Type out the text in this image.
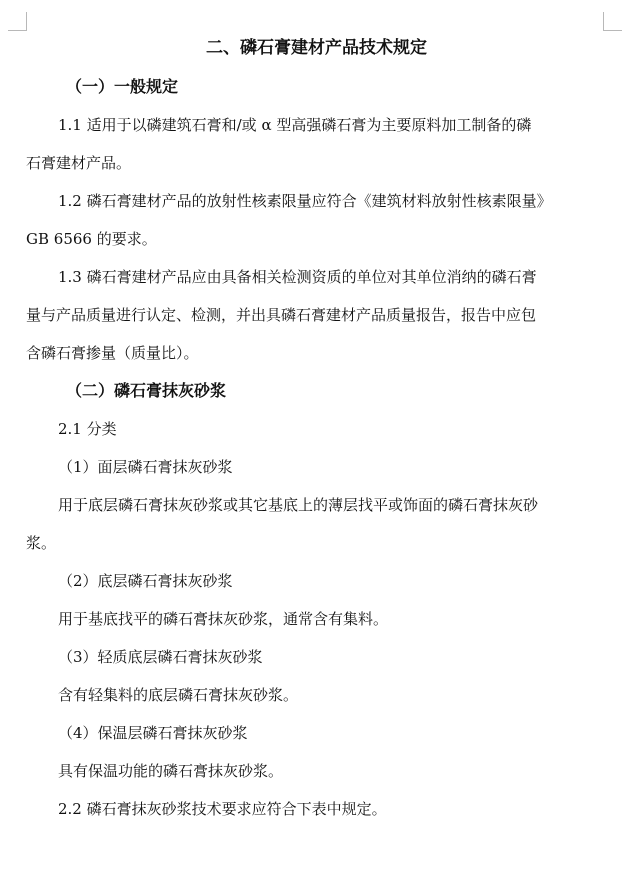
二、磷石膏建材产品技术规定
（一）一般规定
1.1 适用于以磷建筑石膏和/或 α 型高强磷石膏为主要原料加工制备的磷
石膏建材产品。
1.2 磷石膏建材产品的放射性核素限量应符合《建筑材料放射性核素限量》
GB 6566 的要求。
1.3 磷石膏建材产品应由具备相关检测资质的单位对其单位消纳的磷石膏
量与产品质量进行认定、检测，并出具磷石膏建材产品质量报告，报告中应包
含磷石膏掺量（质量比）。
（二）磷石膏抹灰砂浆
2.1 分类
（1）面层磷石膏抹灰砂浆
用于底层磷石膏抹灰砂浆或其它基底上的薄层找平或饰面的磷石膏抹灰砂
浆。
（2）底层磷石膏抹灰砂浆
用于基底找平的磷石膏抹灰砂浆，通常含有集料。
（3）轻质底层磷石膏抹灰砂浆
含有轻集料的底层磷石膏抹灰砂浆。
（4）保温层磷石膏抹灰砂浆
具有保温功能的磷石膏抹灰砂浆。
2.2 磷石膏抹灰砂浆技术要求应符合下表中规定。
